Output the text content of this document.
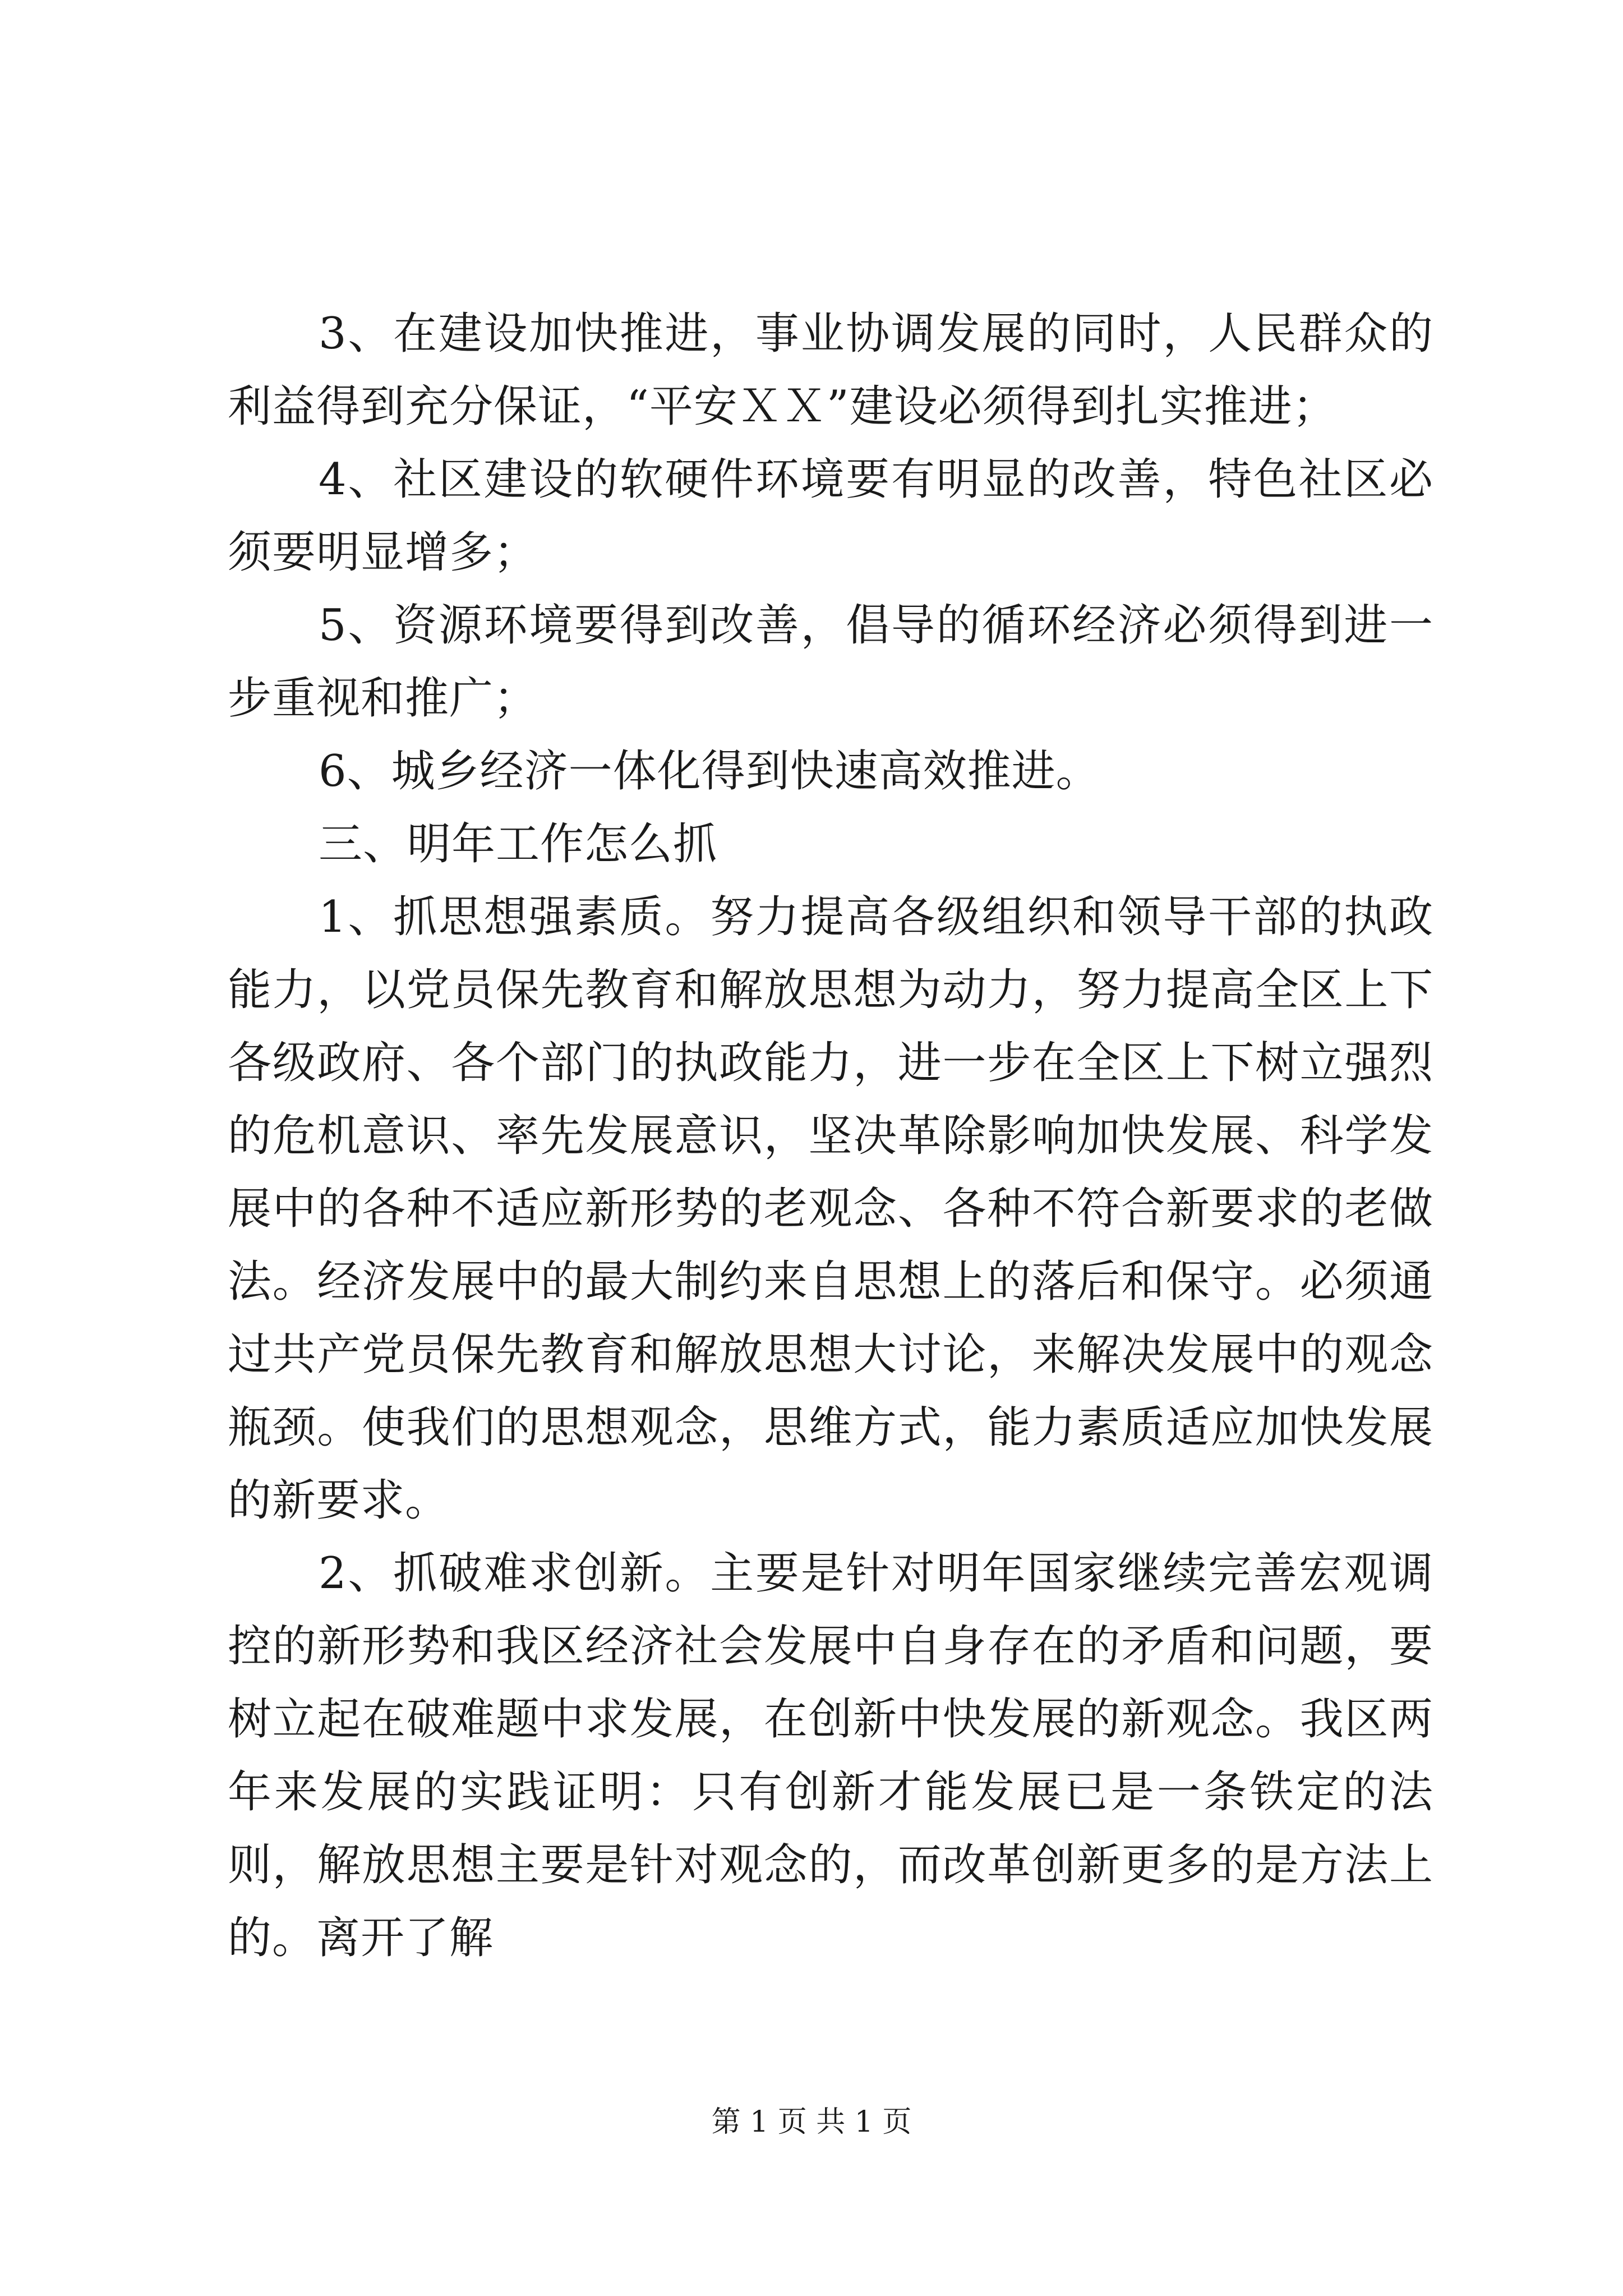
3、在建设加快推进，事业协调发展的同时，人民群众的利益得到充分保证，“平安ＸＸ”建设必须得到扎实推进；

4、社区建设的软硬件环境要有明显的改善，特色社区必须要明显增多；

5、资源环境要得到改善，倡导的循环经济必须得到进一步重视和推广；

6、城乡经济一体化得到快速高效推进。

三、明年工作怎么抓

1、抓思想强素质。努力提高各级组织和领导干部的执政能力，以党员保先教育和解放思想为动力，努力提高全区上下各级政府、各个部门的执政能力，进一步在全区上下树立强烈的危机意识、率先发展意识，坚决革除影响加快发展、科学发展中的各种不适应新形势的老观念、各种不符合新要求的老做法。经济发展中的最大制约来自思想上的落后和保守。必须通过共产党员保先教育和解放思想大讨论，来解决发展中的观念瓶颈。使我们的思想观念，思维方式，能力素质适应加快发展的新要求。

2、抓破难求创新。主要是针对明年国家继续完善宏观调控的新形势和我区经济社会发展中自身存在的矛盾和问题，要树立起在破难题中求发展，在创新中快发展的新观念。我区两年来发展的实践证明：只有创新才能发展已是一条铁定的法则，解放思想主要是针对观念的，而改革创新更多的是方法上的。离开了解

第 1 页 共 1 页
